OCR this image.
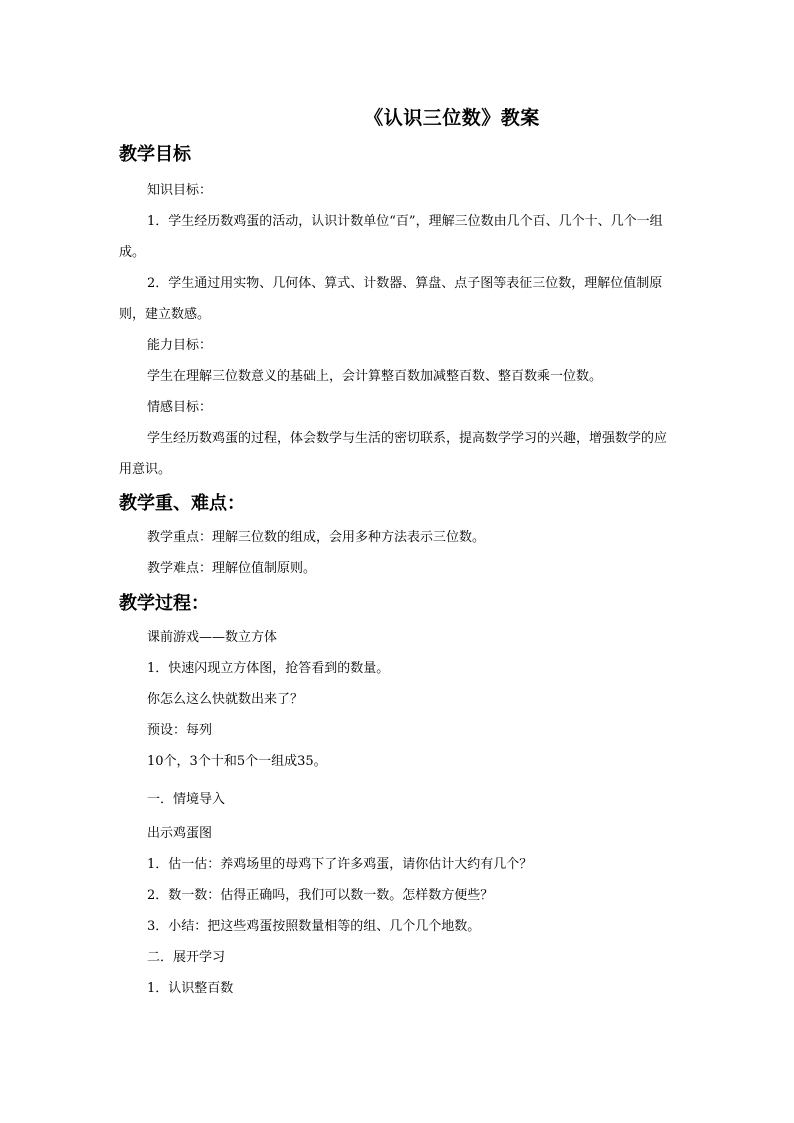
《认识三位数》教案
教学目标
知识目标：
1．学生经历数鸡蛋的活动，认识计数单位“百”，理解三位数由几个百、几个十、几个一组成。
2．学生通过用实物、几何体、算式、计数器、算盘、点子图等表征三位数，理解位值制原则，建立数感。
能力目标：
学生在理解三位数意义的基础上，会计算整百数加减整百数、整百数乘一位数。
情感目标：
学生经历数鸡蛋的过程，体会数学与生活的密切联系，提高数学学习的兴趣，增强数学的应用意识。
教学重、难点：
教学重点：理解三位数的组成，会用多种方法表示三位数。
教学难点：理解位值制原则。
教学过程：
课前游戏——数立方体
1．快速闪现立方体图，抢答看到的数量。
你怎么这么快就数出来了？
预设：每列
10个，3个十和5个一组成35。
一．情境导入
出示鸡蛋图
1．估一估：养鸡场里的母鸡下了许多鸡蛋，请你估计大约有几个？
2．数一数：估得正确吗，我们可以数一数。怎样数方便些？
3．小结：把这些鸡蛋按照数量相等的组、几个几个地数。
二．展开学习
1．认识整百数
